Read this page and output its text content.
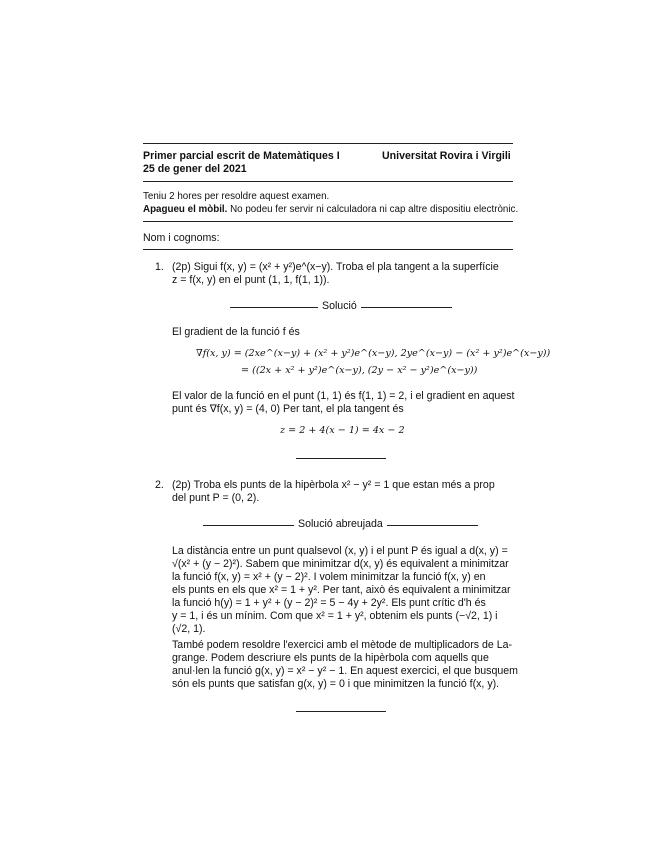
Primer parcial escrit de Matemàtiques I	Universitat Rovira i Virgili
25 de gener del 2021
Teniu 2 hores per resoldre aquest examen.
Apagueu el mòbil. No podeu fer servir ni calculadora ni cap altre dispositiu electrònic.
Nom i cognoms:
1. (2p) Sigui f(x, y) = (x² + y²)e^(x−y). Troba el pla tangent a la superfície
z = f(x, y) en el punt (1, 1, f(1, 1)).
Solució
El gradient de la funció f és
∇f(x, y) = (2xe^(x−y) + (x² + y²)e^(x−y), 2ye^(x−y) − (x² + y²)e^(x−y))
= ((2x + x² + y²)e^(x−y), (2y − x² − y²)e^(x−y))
El valor de la funció en el punt (1, 1) és f(1, 1) = 2, i el gradient en aquest
punt és ∇f(x, y) = (4, 0) Per tant, el pla tangent és
z = 2 + 4(x − 1) = 4x − 2
2. (2p) Troba els punts de la hipèrbola x² − y² = 1 que estan més a prop
del punt P = (0, 2).
Solució abreujada
La distància entre un punt qualsevol (x, y) i el punt P és igual a d(x, y) =
√(x² + (y − 2)²). Sabem que minimitzar d(x, y) és equivalent a minimitzar
la funció f(x, y) = x² + (y − 2)². I volem minimitzar la funció f(x, y) en
els punts en els que x² = 1 + y². Per tant, això és equivalent a minimitzar
la funció h(y) = 1 + y² + (y − 2)² = 5 − 4y + 2y². Els punt crític d'h és
y = 1, i és un mínim. Com que x² = 1 + y², obtenim els punts (−√2, 1) i
(√2, 1).
També podem resoldre l'exercici amb el mètode de multiplicadors de La-
grange. Podem descriure els punts de la hipèrbola com aquells que
anul·len la funció g(x, y) = x² − y² − 1. En aquest exercici, el que busquem
són els punts que satisfan g(x, y) = 0 i que minimitzen la funció f(x, y).
